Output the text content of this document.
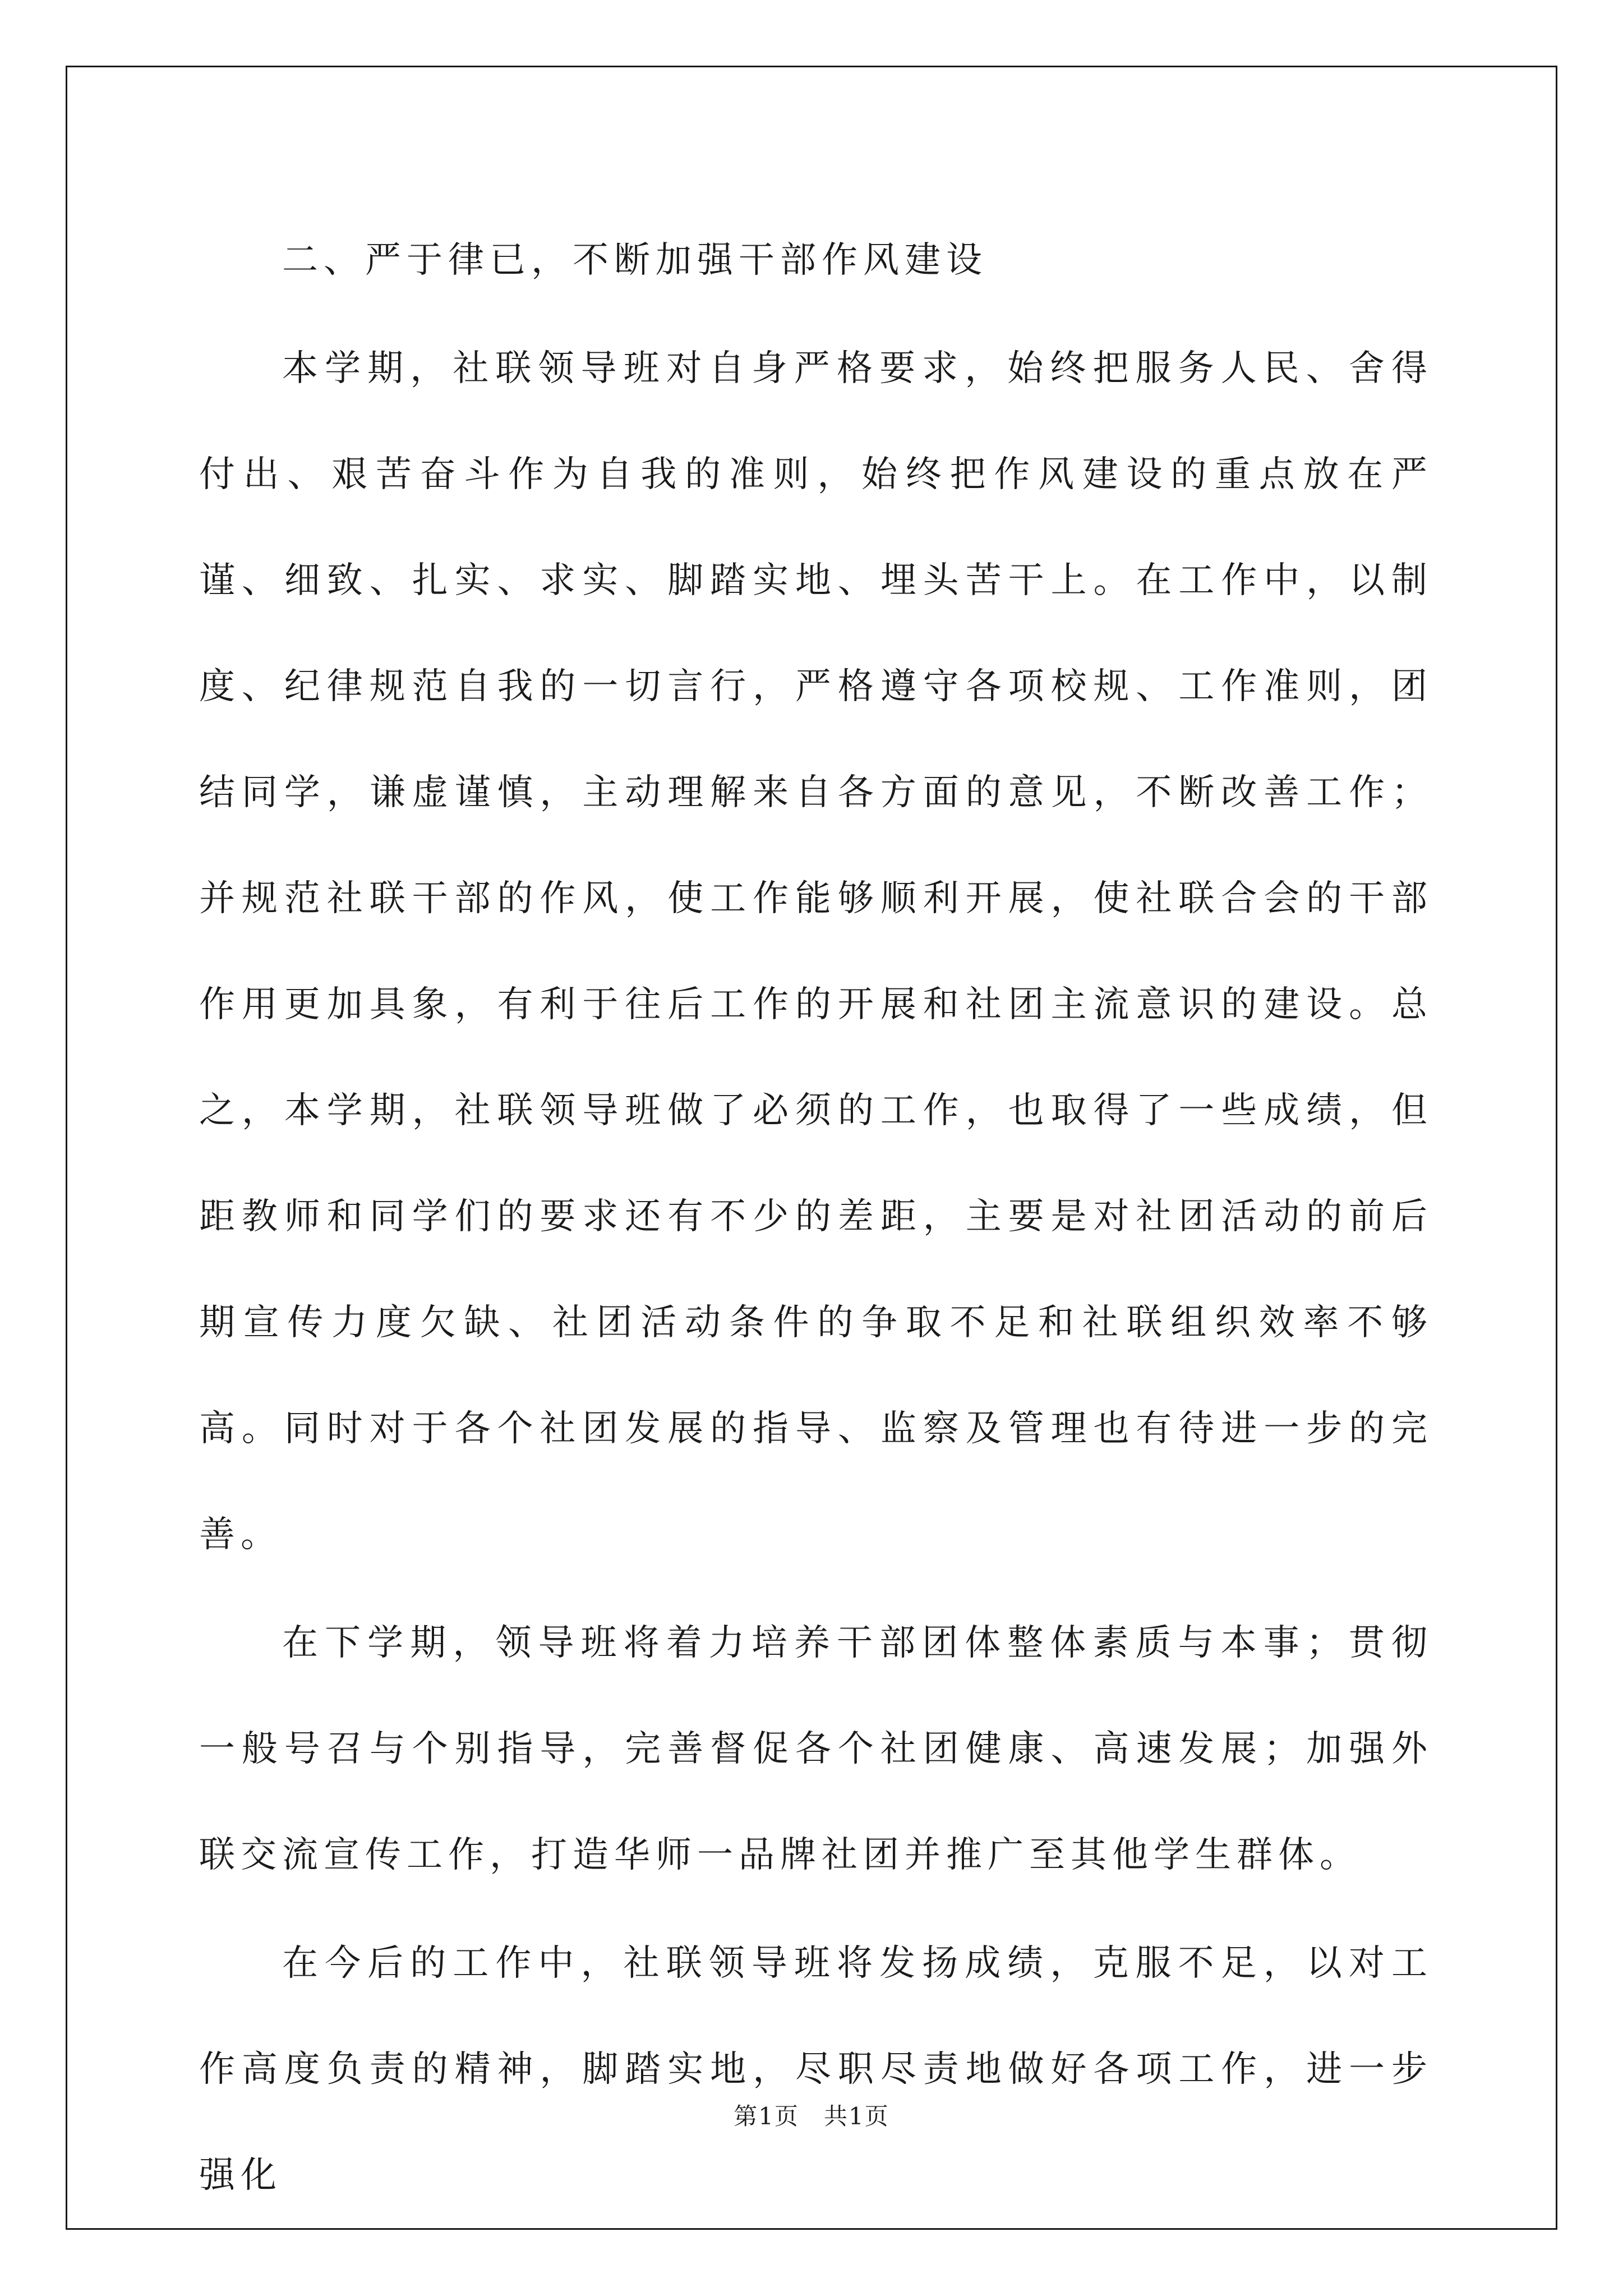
二、严于律已，不断加强干部作风建设

本学期，社联领导班对自身严格要求，始终把服务人民、舍得付出、艰苦奋斗作为自我的准则，始终把作风建设的重点放在严谨、细致、扎实、求实、脚踏实地、埋头苦干上。在工作中，以制度、纪律规范自我的一切言行，严格遵守各项校规、工作准则，团结同学，谦虚谨慎，主动理解来自各方面的意见，不断改善工作；并规范社联干部的作风，使工作能够顺利开展，使社联合会的干部作用更加具象，有利于往后工作的开展和社团主流意识的建设。总之，本学期，社联领导班做了必须的工作，也取得了一些成绩，但距教师和同学们的要求还有不少的差距，主要是对社团活动的前后期宣传力度欠缺、社团活动条件的争取不足和社联组织效率不够高。同时对于各个社团发展的指导、监察及管理也有待进一步的完善。

在下学期，领导班将着力培养干部团体整体素质与本事；贯彻一般号召与个别指导，完善督促各个社团健康、高速发展；加强外联交流宣传工作，打造华师一品牌社团并推广至其他学生群体。

在今后的工作中，社联领导班将发扬成绩，克服不足，以对工作高度负责的精神，脚踏实地，尽职尽责地做好各项工作，进一步强化

第1页　共1页
